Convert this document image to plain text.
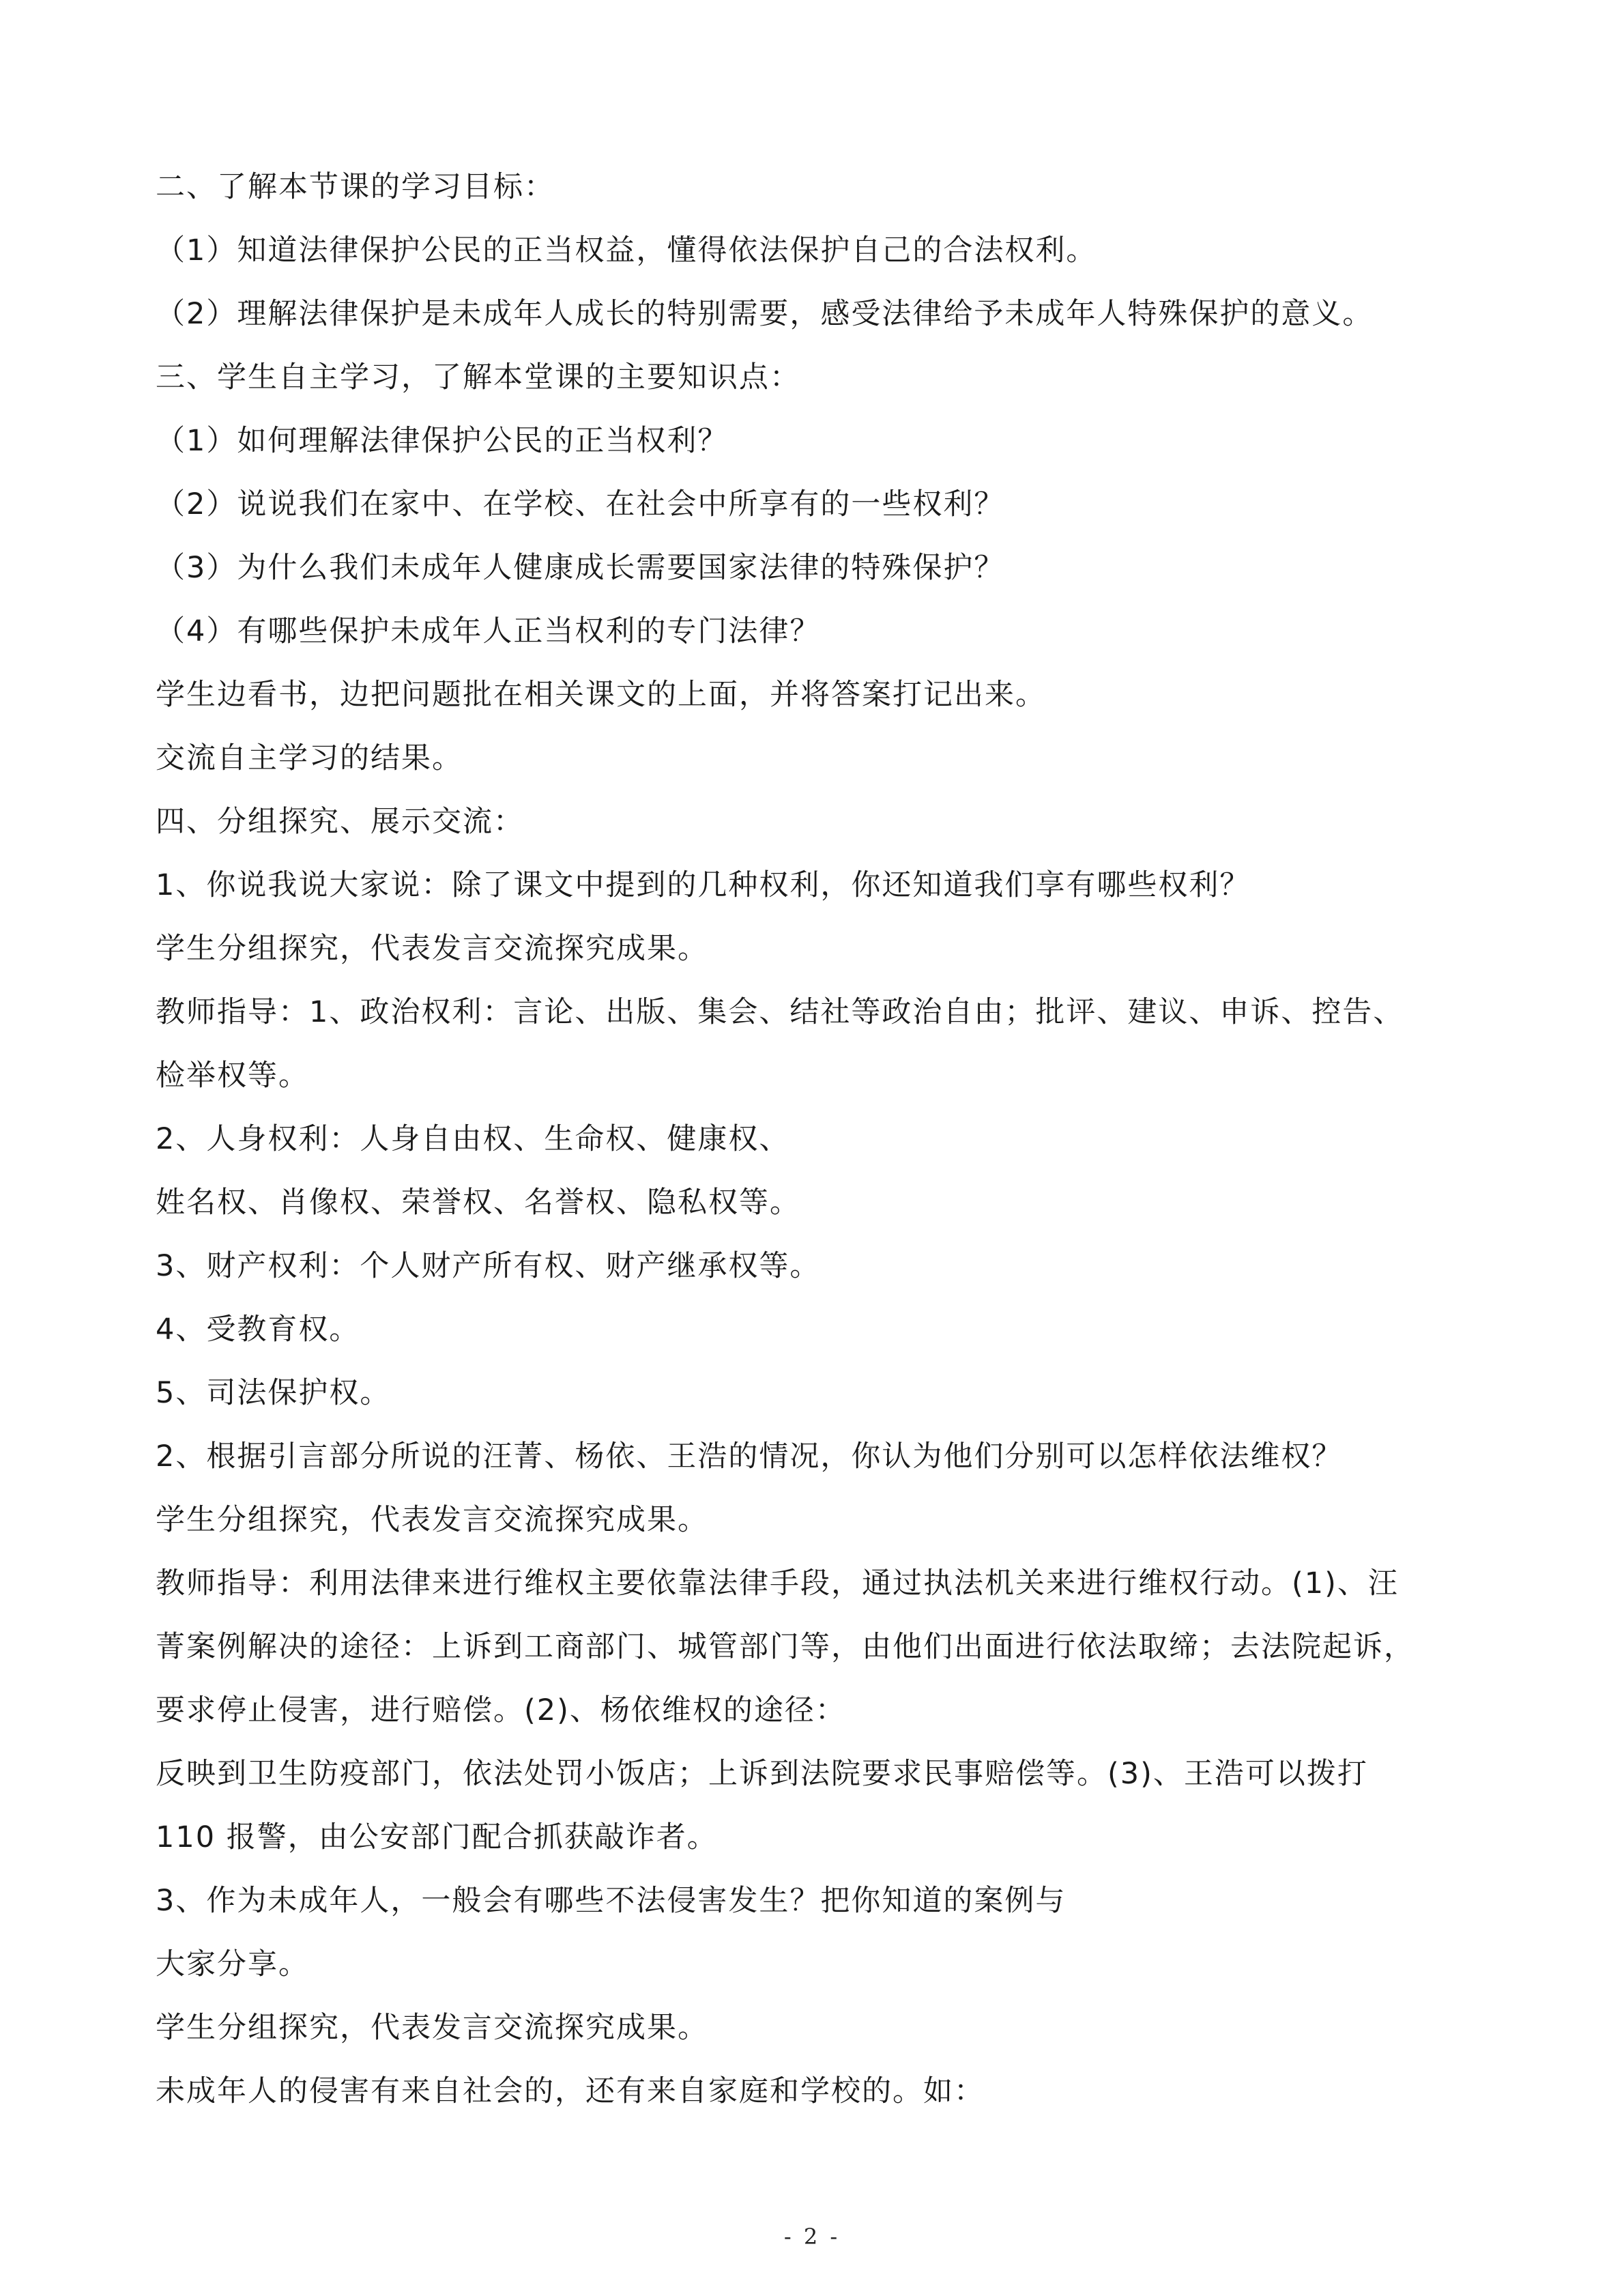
二、了解本节课的学习目标：
（1）知道法律保护公民的正当权益，懂得依法保护自己的合法权利。
（2）理解法律保护是未成年人成长的特别需要，感受法律给予未成年人特殊保护的意义。
三、学生自主学习，了解本堂课的主要知识点：
（1）如何理解法律保护公民的正当权利？
（2）说说我们在家中、在学校、在社会中所享有的一些权利？
（3）为什么我们未成年人健康成长需要国家法律的特殊保护？
（4）有哪些保护未成年人正当权利的专门法律？
学生边看书，边把问题批在相关课文的上面，并将答案打记出来。
交流自主学习的结果。
四、分组探究、展示交流：
1、你说我说大家说：除了课文中提到的几种权利，你还知道我们享有哪些权利？
学生分组探究，代表发言交流探究成果。
教师指导：1、政治权利：言论、出版、集会、结社等政治自由；批评、建议、申诉、控告、
检举权等。
2、人身权利：人身自由权、生命权、健康权、
姓名权、肖像权、荣誉权、名誉权、隐私权等。
3、财产权利：个人财产所有权、财产继承权等。
4、受教育权。
5、司法保护权。
2、根据引言部分所说的汪菁、杨依、王浩的情况，你认为他们分别可以怎样依法维权？
学生分组探究，代表发言交流探究成果。
教师指导：利用法律来进行维权主要依靠法律手段，通过执法机关来进行维权行动。(1)、汪
菁案例解决的途径：上诉到工商部门、城管部门等，由他们出面进行依法取缔；去法院起诉，
要求停止侵害，进行赔偿。(2)、杨依维权的途径：
反映到卫生防疫部门，依法处罚小饭店；上诉到法院要求民事赔偿等。(3)、王浩可以拨打
110 报警，由公安部门配合抓获敲诈者。
3、作为未成年人，一般会有哪些不法侵害发生？把你知道的案例与
大家分享。
学生分组探究，代表发言交流探究成果。
未成年人的侵害有来自社会的，还有来自家庭和学校的。如：
- 2 -
